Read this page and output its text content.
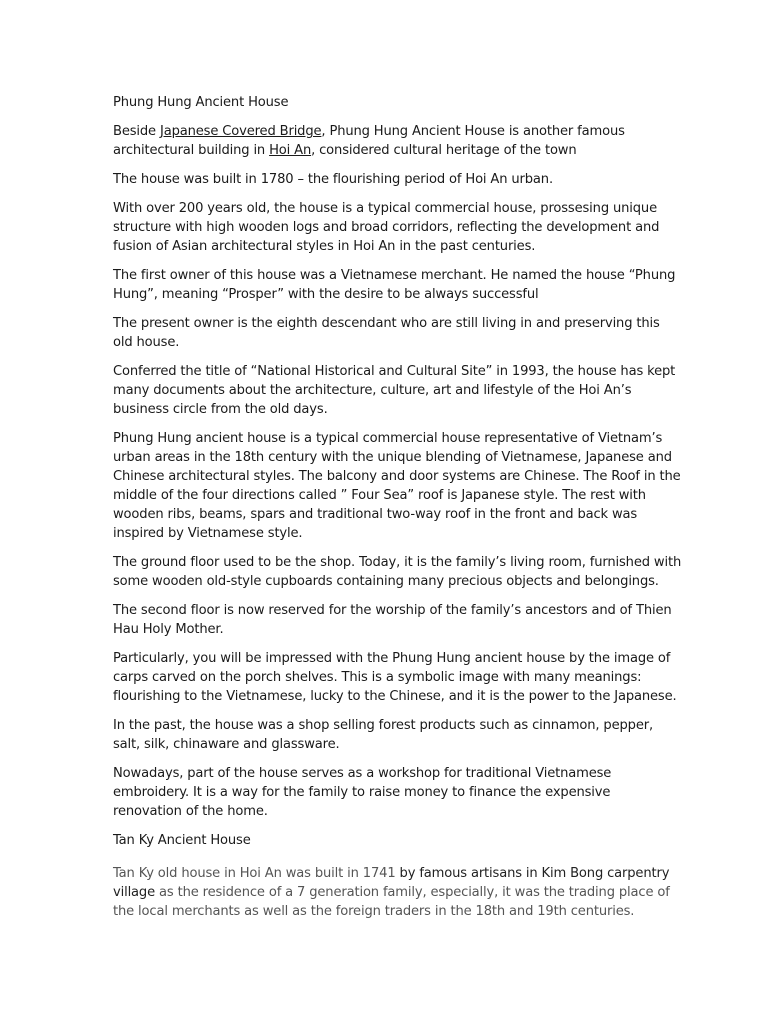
Phung Hung Ancient House

Beside Japanese Covered Bridge, Phung Hung Ancient House is another famous architectural building in Hoi An, considered cultural heritage of the town

The house was built in 1780 – the flourishing period of Hoi An urban.

With over 200 years old, the house is a typical commercial house, prossesing unique structure with high wooden logs and broad corridors, reflecting the development and fusion of Asian architectural styles in Hoi An in the past centuries.

The first owner of this house was a Vietnamese merchant. He named the house “Phung Hung”, meaning “Prosper” with the desire to be always successful

The present owner is the eighth descendant who are still living in and preserving this old house.

Conferred the title of “National Historical and Cultural Site” in 1993, the house has kept many documents about the architecture, culture, art and lifestyle of the Hoi An’s business circle from the old days.

Phung Hung ancient house is a typical commercial house representative of Vietnam’s urban areas in the 18th century with the unique blending of Vietnamese, Japanese and Chinese architectural styles. The balcony and door systems are Chinese. The Roof in the middle of the four directions called ” Four Sea” roof is Japanese style. The rest with wooden ribs, beams, spars and traditional two-way roof in the front and back was inspired by Vietnamese style.

The ground floor used to be the shop. Today, it is the family’s living room, furnished with some wooden old-style cupboards containing many precious objects and belongings.

The second floor is now reserved for the worship of the family’s ancestors and of Thien Hau Holy Mother.

Particularly, you will be impressed with the Phung Hung ancient house by the image of carps carved on the porch shelves. This is a symbolic image with many meanings: flourishing to the Vietnamese, lucky to the Chinese, and it is the power to the Japanese.

In the past, the house was a shop selling forest products such as cinnamon, pepper, salt, silk, chinaware and glassware.

Nowadays, part of the house serves as a workshop for traditional Vietnamese embroidery. It is a way for the family to raise money to finance the expensive renovation of the home.

Tan Ky Ancient House

Tan Ky old house in Hoi An was built in 1741 by famous artisans in Kim Bong carpentry village as the residence of a 7 generation family, especially, it was the trading place of the local merchants as well as the foreign traders in the 18th and 19th centuries.
